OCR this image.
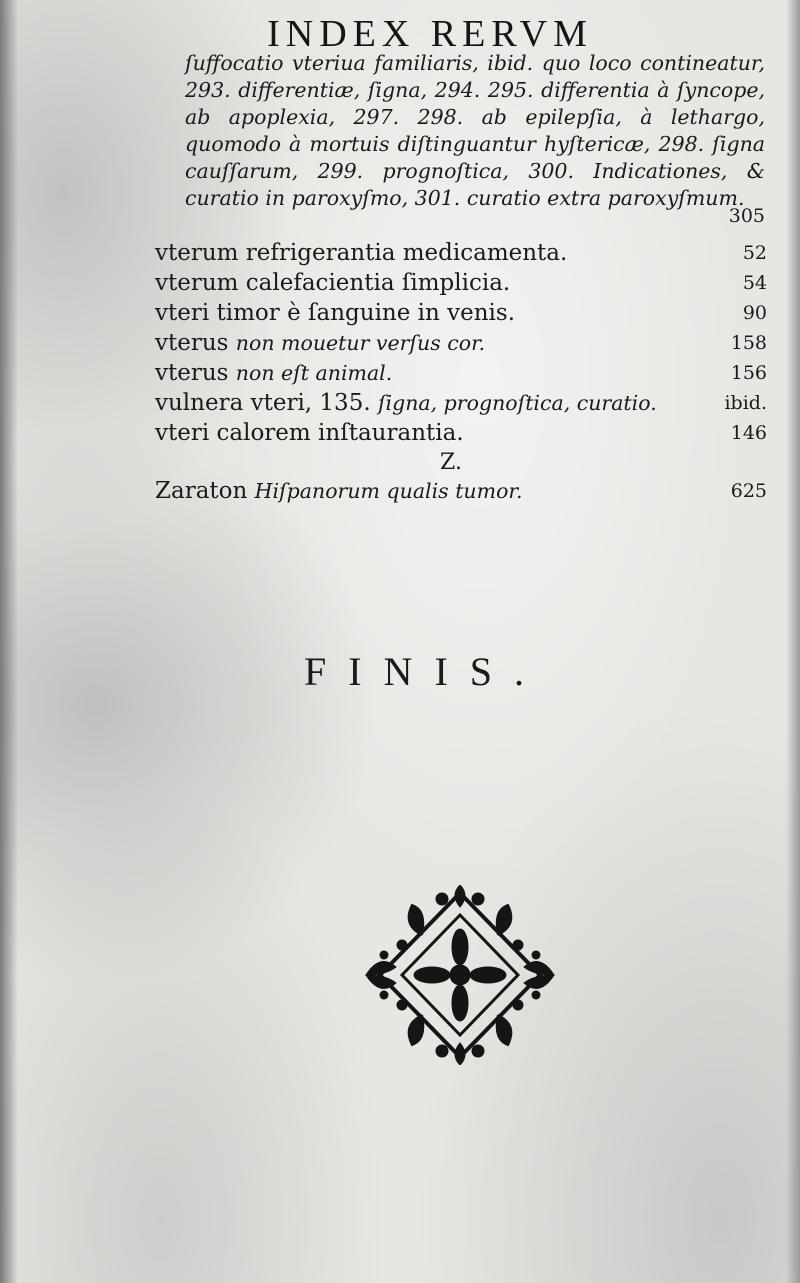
INDEX RERVM
ſuffocatio vteriua familiaris, ibid. quo loco contineatur, 293. differentiæ, ſigna, 294. 295. differentia à ſyncope, ab apoplexia, 297. 298. ab epilepſia, à lethargo, quomodo à mortuis diſtinguantur hyſtericæ, 298. ſigna cauſſarum, 299. prognoſtica, 300. Indicationes, & curatio in paroxyſmo, 301. curatio extra paroxyſmum.
305
vterum refrigerantia medicamenta.	52
vterum calefacientia ſimplicia.	54
vteri timor è ſanguine in venis.	90
vterus non mouetur verſus cor.	158
vterus non eſt animal.	156
vulnera vteri, 135. ſigna, prognoſtica, curatio.	ibid.
vteri calorem inſtaurantia.	146
Z.
Zaraton Hiſpanorum qualis tumor.	625
FINIS.
